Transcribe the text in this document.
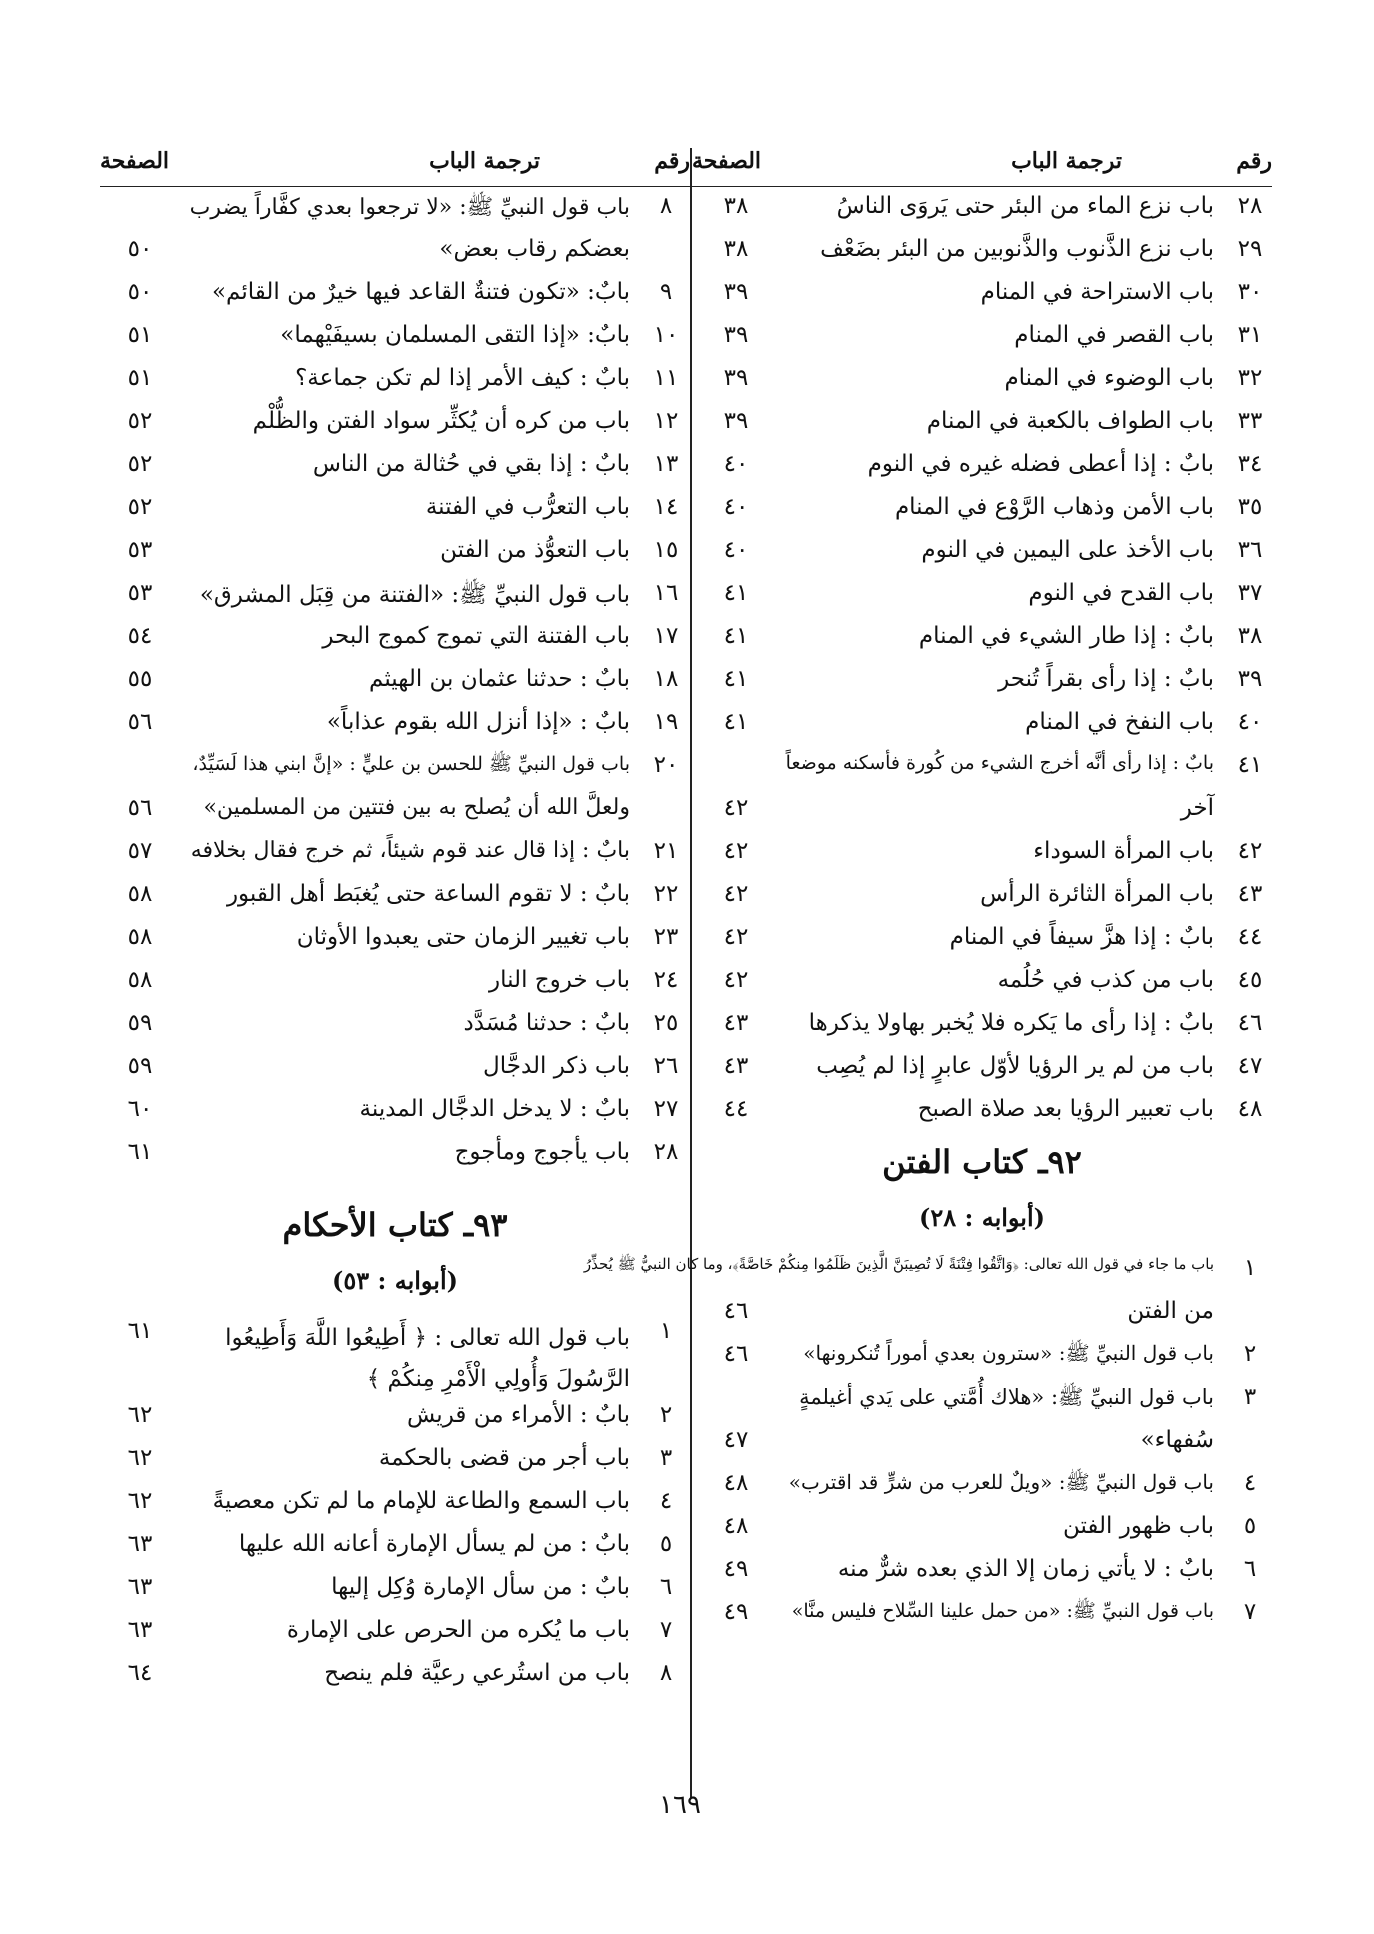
رقم
ترجمة الباب
الصفحة
٢٨
باب نزع الماء من البئر حتى يَروَى الناسُ
٣٨
٢٩
باب نزع الذَّنوب والذَّنوبين من البئر بضَعْف
٣٨
٣٠
باب الاستراحة في المنام
٣٩
٣١
باب القصر في المنام
٣٩
٣٢
باب الوضوء في المنام
٣٩
٣٣
باب الطواف بالكعبة في المنام
٣٩
٣٤
بابٌ : إذا أعطى فضله غيره في النوم
٤٠
٣٥
باب الأمن وذهاب الرَّوْع في المنام
٤٠
٣٦
باب الأخذ على اليمين في النوم
٤٠
٣٧
باب القدح في النوم
٤١
٣٨
بابٌ : إذا طار الشيء في المنام
٤١
٣٩
بابٌ : إذا رأى بقراً تُنحر
٤١
٤٠
باب النفخ في المنام
٤١
٤١
بابٌ : إذا رأى أنَّه أخرج الشيء من كُورة فأسكنه موضعاً
آخر
٤٢
٤٢
باب المرأة السوداء
٤٢
٤٣
باب المرأة الثائرة الرأس
٤٢
٤٤
بابٌ : إذا هزَّ سيفاً في المنام
٤٢
٤٥
باب من كذب في حُلُمه
٤٢
٤٦
بابٌ : إذا رأى ما يَكره فلا يُخبر بهاولا يذكرها
٤٣
٤٧
باب من لم ير الرؤيا لأوّل عابرٍ إذا لم يُصِب
٤٣
٤٨
باب تعبير الرؤيا بعد صلاة الصبح
٤٤
٩٢ـ كتاب الفتن
(أبوابه : ٢٨)
١
باب ما جاء في قول الله تعالى: ﴿وَاتَّقُوا فِتْنَةً لَا تُصِيبَنَّ الَّذِينَ ظَلَمُوا مِنكُمْ خَاصَّةً﴾، وما كان النبيُّ ﷺ يُحذِّرُ
من الفتن
٤٦
٢
باب قول النبيِّ ﷺ: «سترون بعدي أموراً تُنكرونها»
٤٦
٣
باب قول النبيِّ ﷺ: «هلاك أُمَّتي على يَدي أغيلمةٍ
سُفهاء»
٤٧
٤
باب قول النبيِّ ﷺ: «ويلٌ للعرب من شرٍّ قد اقترب»
٤٨
٥
باب ظهور الفتن
٤٨
٦
بابٌ : لا يأتي زمان إلا الذي بعده شرٌّ منه
٤٩
٧
باب قول النبيِّ ﷺ: «من حمل علينا السِّلاح فليس منَّا»
٤٩
رقم
ترجمة الباب
الصفحة
٨
باب قول النبيِّ ﷺ: «لا ترجعوا بعدي كفَّاراً يضرب
بعضكم رقاب بعض»
٥٠
٩
بابٌ: «تكون فتنةٌ القاعد فيها خيرٌ من القائم»
٥٠
١٠
بابٌ: «إذا التقى المسلمان بسيفَيْهما»
٥١
١١
بابٌ : كيف الأمر إذا لم تكن جماعة؟
٥١
١٢
باب من كره أن يُكثِّر سواد الفتن والظُّلْم
٥٢
١٣
بابٌ : إذا بقي في حُثالة من الناس
٥٢
١٤
باب التعرُّب في الفتنة
٥٢
١٥
باب التعوُّذ من الفتن
٥٣
١٦
باب قول النبيِّ ﷺ: «الفتنة من قِبَل المشرق»
٥٣
١٧
باب الفتنة التي تموج كموج البحر
٥٤
١٨
بابٌ : حدثنا عثمان بن الهيثم
٥٥
١٩
بابٌ : «إذا أنزل الله بقوم عذاباً»
٥٦
٢٠
باب قول النبيِّ ﷺ للحسن بن عليٍّ : «إنَّ ابني هذا لَسَيِّدٌ،
ولعلَّ الله أن يُصلح به بين فتتين من المسلمين»
٥٦
٢١
بابٌ : إذا قال عند قوم شيئاً، ثم خرج فقال بخلافه
٥٧
٢٢
بابٌ : لا تقوم الساعة حتى يُغبَط أهل القبور
٥٨
٢٣
باب تغيير الزمان حتى يعبدوا الأوثان
٥٨
٢٤
باب خروج النار
٥٨
٢٥
بابٌ : حدثنا مُسَدَّد
٥٩
٢٦
باب ذكر الدجَّال
٥٩
٢٧
بابٌ : لا يدخل الدجَّال المدينة
٦٠
٢٨
باب يأجوج ومأجوج
٦١
٩٣ـ كتاب الأحكام
(أبوابه : ٥٣)
١
باب قول الله تعالى : ﴿ أَطِيعُوا اللَّهَ وَأَطِيعُوا الرَّسُولَ وَأُولِي الْأَمْرِ مِنكُمْ ﴾
٦١
٢
بابٌ : الأمراء من قريش
٦٢
٣
باب أجر من قضى بالحكمة
٦٢
٤
باب السمع والطاعة للإمام ما لم تكن معصيةً
٦٢
٥
بابٌ : من لم يسأل الإمارة أعانه الله عليها
٦٣
٦
بابٌ : من سأل الإمارة وُكِل إليها
٦٣
٧
باب ما يُكره من الحرص على الإمارة
٦٣
٨
باب من استُرعي رعيَّة فلم ينصح
٦٤
١٦٩
